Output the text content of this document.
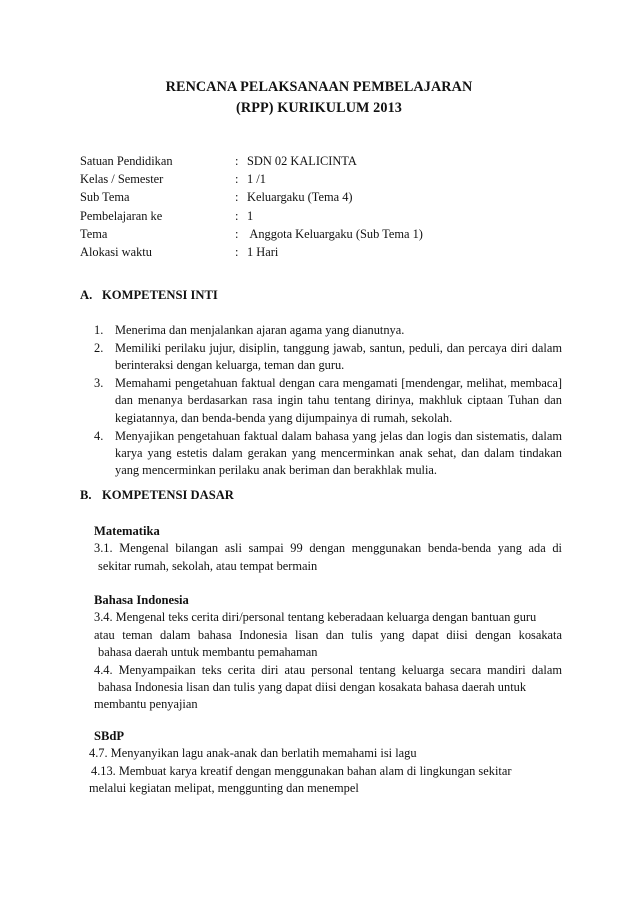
RENCANA PELAKSANAAN PEMBELAJARAN
(RPP) KURIKULUM 2013
Satuan Pendidikan	: SDN 02 KALICINTA
Kelas / Semester	: 1 /1
Sub Tema	: Keluargaku (Tema 4)
Pembelajaran ke	: 1
Tema	: Anggota Keluargaku (Sub Tema 1)
Alokasi waktu	: 1 Hari
A. KOMPETENSI INTI
1. Menerima dan menjalankan ajaran agama yang dianutnya.
2. Memiliki perilaku jujur, disiplin, tanggung jawab, santun, peduli, dan percaya diri dalam berinteraksi dengan keluarga, teman dan guru.
3. Memahami pengetahuan faktual dengan cara mengamati [mendengar, melihat, membaca] dan menanya berdasarkan rasa ingin tahu tentang dirinya, makhluk ciptaan Tuhan dan kegiatannya, dan benda-benda yang dijumpainya di rumah, sekolah.
4. Menyajikan pengetahuan faktual dalam bahasa yang jelas dan logis dan sistematis, dalam karya yang estetis dalam gerakan yang mencerminkan anak sehat, dan dalam tindakan yang mencerminkan perilaku anak beriman dan berakhlak mulia.
B. KOMPETENSI DASAR
Matematika
3.1. Mengenal bilangan asli sampai 99 dengan menggunakan benda-benda yang ada di
sekitar rumah, sekolah, atau tempat bermain
Bahasa Indonesia
3.4. Mengenal teks cerita diri/personal tentang keberadaan keluarga dengan bantuan guru
atau teman dalam bahasa Indonesia lisan dan tulis yang dapat diisi dengan kosakata
bahasa daerah untuk membantu pemahaman
4.4. Menyampaikan teks cerita diri atau personal tentang keluarga secara mandiri dalam
bahasa Indonesia lisan dan tulis yang dapat diisi dengan kosakata bahasa daerah untuk
membantu penyajian
SBdP
4.7. Menyanyikan lagu anak-anak dan berlatih memahami isi lagu
4.13. Membuat karya kreatif dengan menggunakan bahan alam di lingkungan sekitar
melalui kegiatan melipat, menggunting dan menempel
